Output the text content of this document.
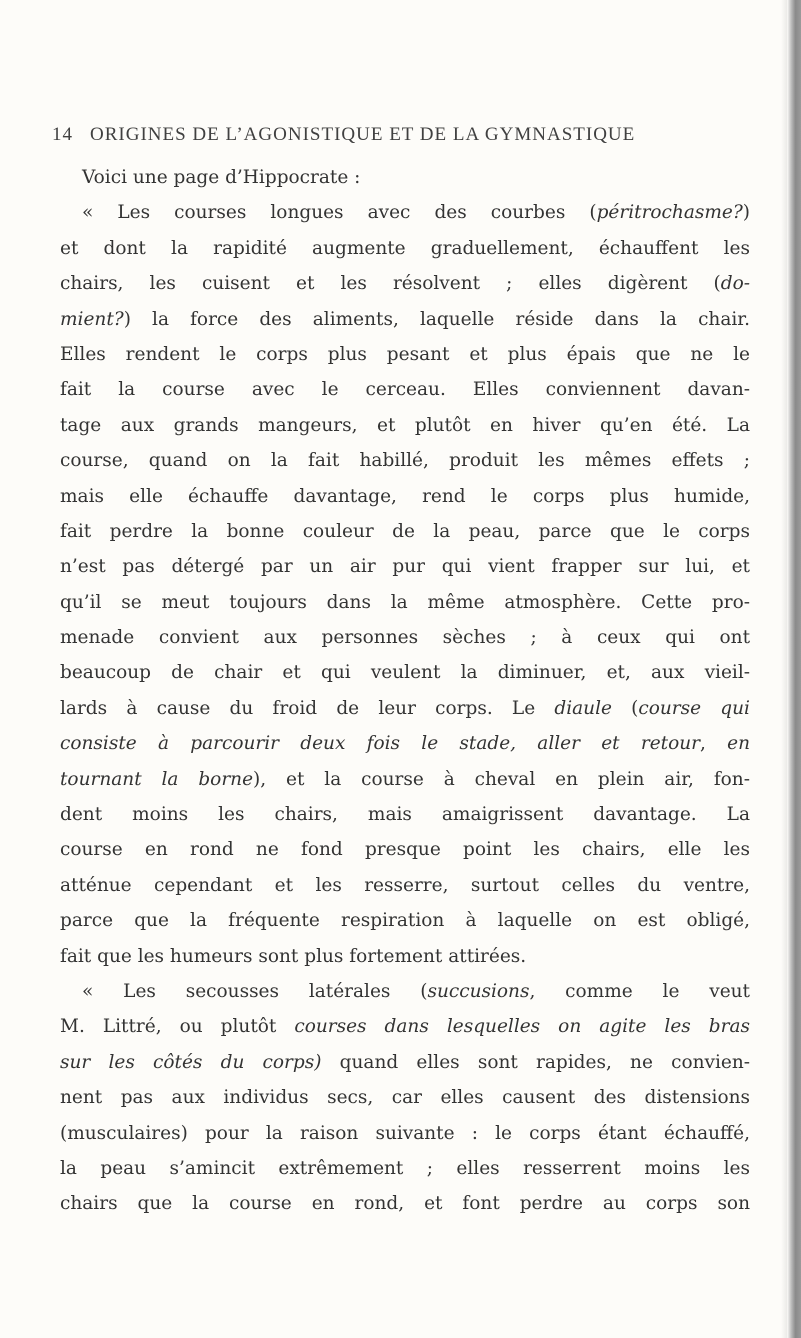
14 ORIGINES DE L’AGONISTIQUE ET DE LA GYMNASTIQUE
Voici une page d’Hippocrate :
« Les courses longues avec des courbes (péritrochasme?)
et dont la rapidité augmente graduellement, échauffent les
chairs, les cuisent et les résolvent ; elles digèrent (do-
mient?) la force des aliments, laquelle réside dans la chair.
Elles rendent le corps plus pesant et plus épais que ne le
fait la course avec le cerceau. Elles conviennent davan-
tage aux grands mangeurs, et plutôt en hiver qu’en été. La
course, quand on la fait habillé, produit les mêmes effets ;
mais elle échauffe davantage, rend le corps plus humide,
fait perdre la bonne couleur de la peau, parce que le corps
n’est pas détergé par un air pur qui vient frapper sur lui, et
qu’il se meut toujours dans la même atmosphère. Cette pro-
menade convient aux personnes sèches ; à ceux qui ont
beaucoup de chair et qui veulent la diminuer, et, aux vieil-
lards à cause du froid de leur corps. Le diaule (course qui
consiste à parcourir deux fois le stade, aller et retour, en
tournant la borne), et la course à cheval en plein air, fon-
dent moins les chairs, mais amaigrissent davantage. La
course en rond ne fond presque point les chairs, elle les
atténue cependant et les resserre, surtout celles du ventre,
parce que la fréquente respiration à laquelle on est obligé,
fait que les humeurs sont plus fortement attirées.
« Les secousses latérales (succusions, comme le veut
M. Littré, ou plutôt courses dans lesquelles on agite les bras
sur les côtés du corps) quand elles sont rapides, ne convien-
nent pas aux individus secs, car elles causent des distensions
(musculaires) pour la raison suivante : le corps étant échauffé,
la peau s’amincit extrêmement ; elles resserrent moins les
chairs que la course en rond, et font perdre au corps son
